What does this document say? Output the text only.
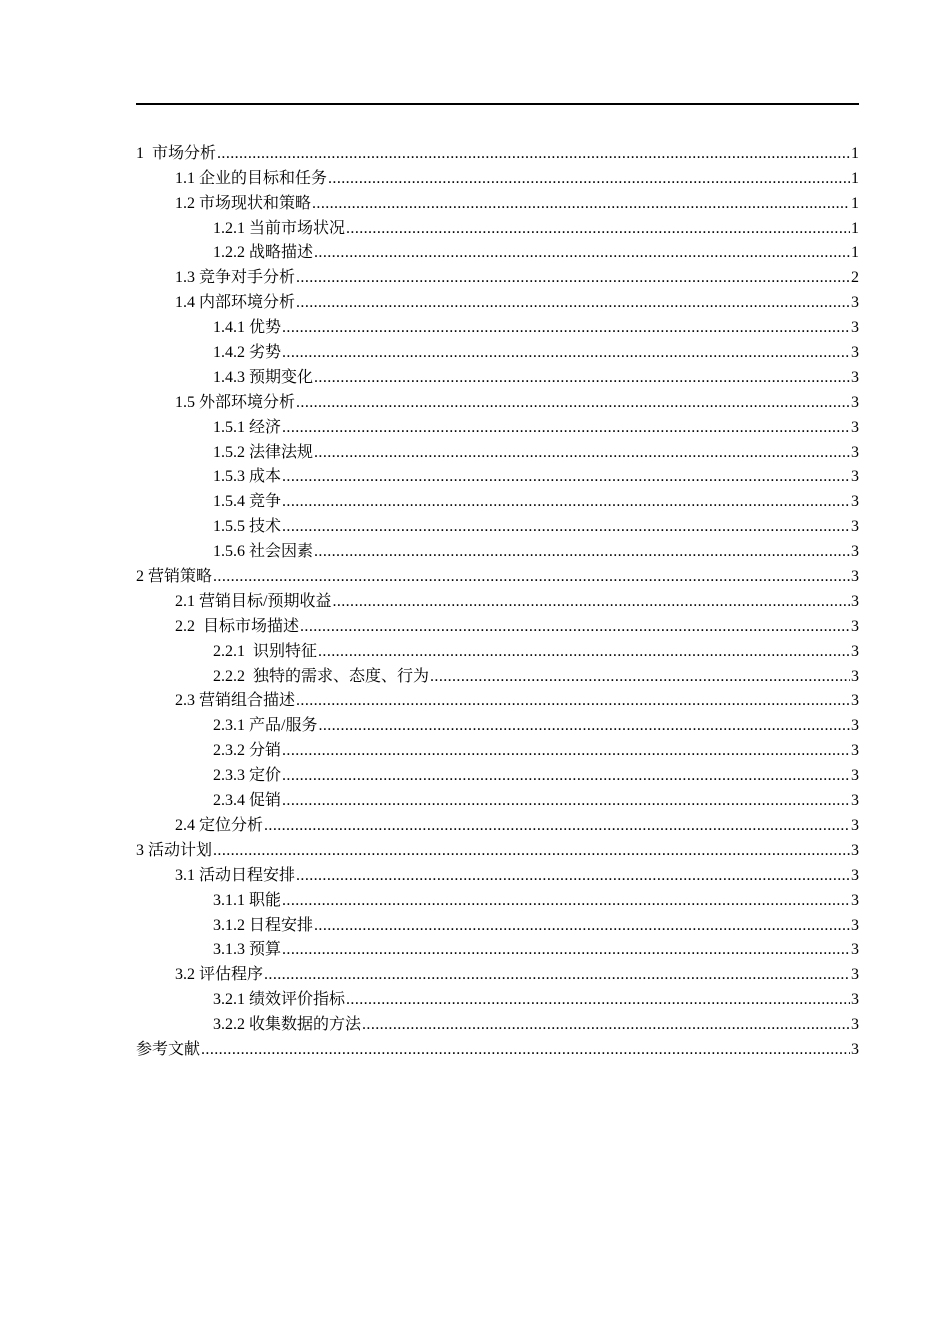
1  市场分析 .....	1
1.1 企业的目标和任务 .....	1
1.2 市场现状和策略 .....	1
1.2.1 当前市场状况 .....	1
1.2.2 战略描述 .....	1
1.3 竞争对手分析 .....	2
1.4 内部环境分析 .....	3
1.4.1 优势 .....	3
1.4.2 劣势 .....	3
1.4.3 预期变化 .....	3
1.5 外部环境分析 .....	3
1.5.1 经济 .....	3
1.5.2 法律法规 .....	3
1.5.3 成本 .....	3
1.5.4 竞争 .....	3
1.5.5 技术 .....	3
1.5.6 社会因素 .....	3
2 营销策略 .....	3
2.1 营销目标/预期收益 .....	3
2.2  目标市场描述 .....	3
2.2.1  识别特征 .....	3
2.2.2  独特的需求、态度、行为 .....	3
2.3 营销组合描述 .....	3
2.3.1 产品/服务 .....	3
2.3.2 分销 .....	3
2.3.3 定价 .....	3
2.3.4 促销 .....	3
2.4 定位分析 .....	3
3 活动计划 .....	3
3.1 活动日程安排 .....	3
3.1.1 职能 .....	3
3.1.2 日程安排 .....	3
3.1.3 预算 .....	3
3.2 评估程序 .....	3
3.2.1 绩效评价指标 .....	3
3.2.2 收集数据的方法 .....	3
参考文献 .....	3
